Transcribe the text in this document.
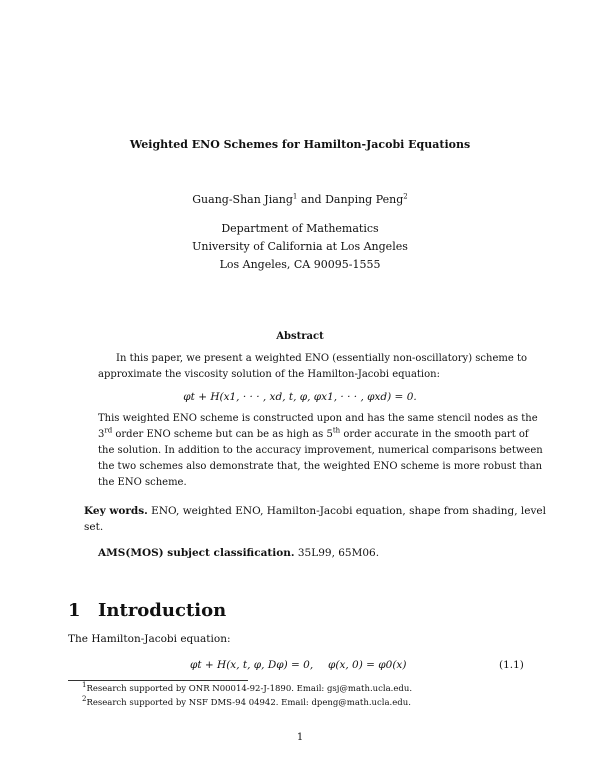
Weighted ENO Schemes for Hamilton-Jacobi Equations
Guang-Shan Jiang$^1$ and Danping Peng$^2$
Department of Mathematics
University of California at Los Angeles
Los Angeles, CA 90095-1555
Abstract
In this paper, we present a weighted ENO (essentially non-oscillatory) scheme to
approximate the viscosity solution of the Hamilton-Jacobi equation:
φt + H(x1, · · · , xd, t, φ, φx1, · · · , φxd) = 0.
This weighted ENO scheme is constructed upon and has the same stencil nodes as the
3rd order ENO scheme but can be as high as 5th order accurate in the smooth part of
the solution. In addition to the accuracy improvement, numerical comparisons between
the two schemes also demonstrate that, the weighted ENO scheme is more robust than
the ENO scheme.
Key words. ENO, weighted ENO, Hamilton-Jacobi equation, shape from shading, level
set.
AMS(MOS) subject classification. 35L99, 65M06.
1 Introduction
The Hamilton-Jacobi equation:
φt + H(x, t, φ, Dφ) = 0, φ(x, 0) = φ0(x)	(1.1)
$^1$Research supported by ONR N00014-92-J-1890. Email: gsj@math.ucla.edu.
$^2$Research supported by NSF DMS-94 04942. Email: dpeng@math.ucla.edu.
1
